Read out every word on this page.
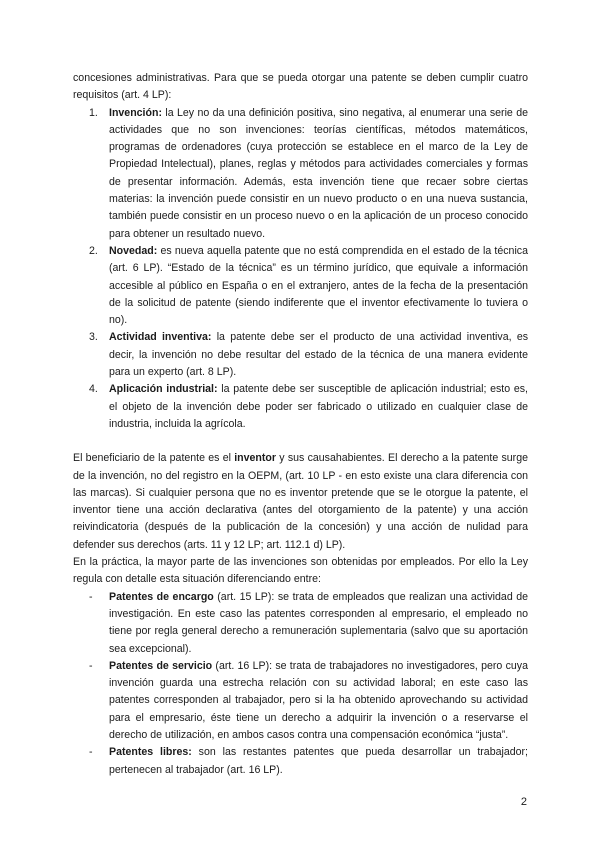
concesiones administrativas. Para que se pueda otorgar una patente se deben cumplir cuatro requisitos (art. 4 LP):

1. Invención: la Ley no da una definición positiva, sino negativa, al enumerar una serie de actividades que no son invenciones: teorías científicas, métodos matemáticos, programas de ordenadores (cuya protección se establece en el marco de la Ley de Propiedad Intelectual), planes, reglas y métodos para actividades comerciales y formas de presentar información. Además, esta invención tiene que recaer sobre ciertas materias: la invención puede consistir en un nuevo producto o en una nueva sustancia, también puede consistir en un proceso nuevo o en la aplicación de un proceso conocido para obtener un resultado nuevo.
2. Novedad: es nueva aquella patente que no está comprendida en el estado de la técnica (art. 6 LP). “Estado de la técnica” es un término jurídico, que equivale a información accesible al público en España o en el extranjero, antes de la fecha de la presentación de la solicitud de patente (siendo indiferente que el inventor efectivamente lo tuviera o no).
3. Actividad inventiva: la patente debe ser el producto de una actividad inventiva, es decir, la invención no debe resultar del estado de la técnica de una manera evidente para un experto (art. 8 LP).
4. Aplicación industrial: la patente debe ser susceptible de aplicación industrial; esto es, el objeto de la invención debe poder ser fabricado o utilizado en cualquier clase de industria, incluida la agrícola.

El beneficiario de la patente es el inventor y sus causahabientes. El derecho a la patente surge de la invención, no del registro en la OEPM, (art. 10 LP - en esto existe una clara diferencia con las marcas). Si cualquier persona que no es inventor pretende que se le otorgue la patente, el inventor tiene una acción declarativa (antes del otorgamiento de la patente) y una acción reivindicatoria (después de la publicación de la concesión) y una acción de nulidad para defender sus derechos (arts. 11 y 12 LP; art. 112.1 d) LP).

En la práctica, la mayor parte de las invenciones son obtenidas por empleados. Por ello la Ley regula con detalle esta situación diferenciando entre:

- Patentes de encargo (art. 15 LP): se trata de empleados que realizan una actividad de investigación. En este caso las patentes corresponden al empresario, el empleado no tiene por regla general derecho a remuneración suplementaria (salvo que su aportación sea excepcional).
- Patentes de servicio (art. 16 LP): se trata de trabajadores no investigadores, pero cuya invención guarda una estrecha relación con su actividad laboral; en este caso las patentes corresponden al trabajador, pero si la ha obtenido aprovechando su actividad para el empresario, éste tiene un derecho a adquirir la invención o a reservarse el derecho de utilización, en ambos casos contra una compensación económica “justa”.
- Patentes libres: son las restantes patentes que pueda desarrollar un trabajador; pertenecen al trabajador (art. 16 LP).
2
